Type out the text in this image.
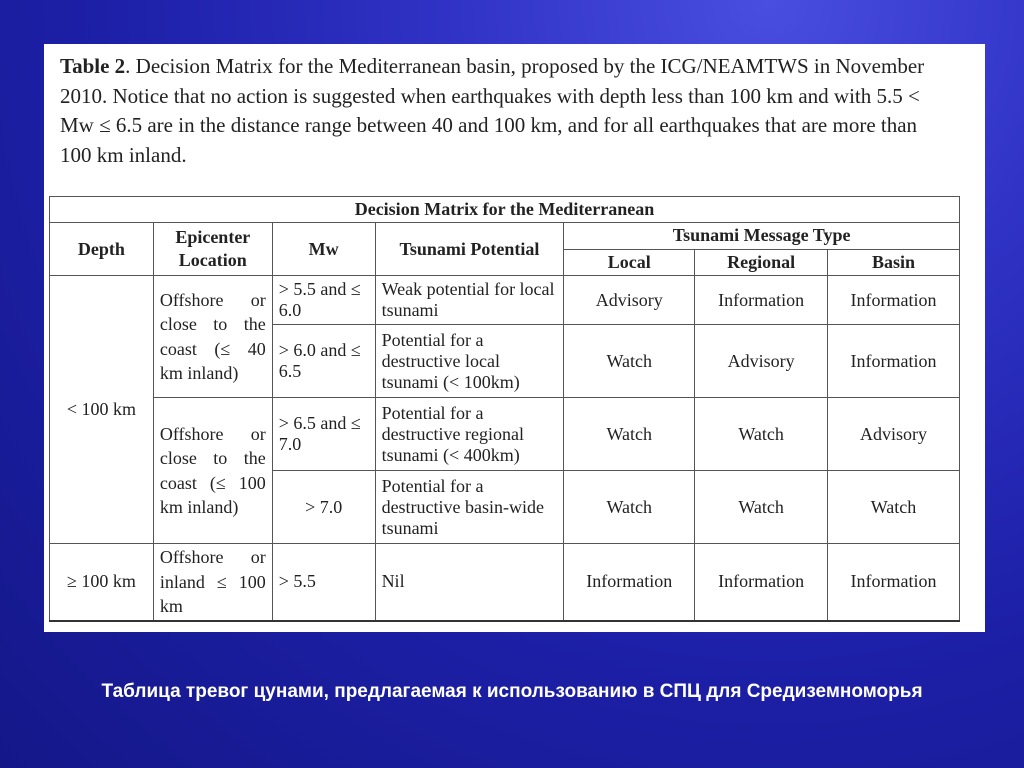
Table 2. Decision Matrix for the Mediterranean basin, proposed by the ICG/NEAMTWS in November 2010. Notice that no action is suggested when earthquakes with depth less than 100 km and with 5.5 < Mw ≤ 6.5 are in the distance range between 40 and 100 km, and for all earthquakes that are more than 100 km inland.
Decision Matrix for the Mediterranean						
Depth	Epicenter Location	Mw	Tsunami Potential	Tsunami Message Type		
				Local	Regional	Basin
< 100 km	Offshore or close to the coast (≤ 40 km inland)	> 5.5 and ≤ 6.0	Weak potential for local tsunami	Advisory	Information	Information
		> 6.0 and ≤ 6.5	Potential for a destructive local tsunami (< 100km)	Watch	Advisory	Information
	Offshore or close to the coast (≤ 100 km inland)	> 6.5 and ≤ 7.0	Potential for a destructive regional tsunami (< 400km)	Watch	Watch	Advisory
		> 7.0	Potential for a destructive basin-wide tsunami	Watch	Watch	Watch
≥ 100 km	Offshore or inland ≤ 100 km	> 5.5	Nil	Information	Information	Information
Таблица тревог цунами, предлагаемая к использованию в СПЦ для Средиземноморья
